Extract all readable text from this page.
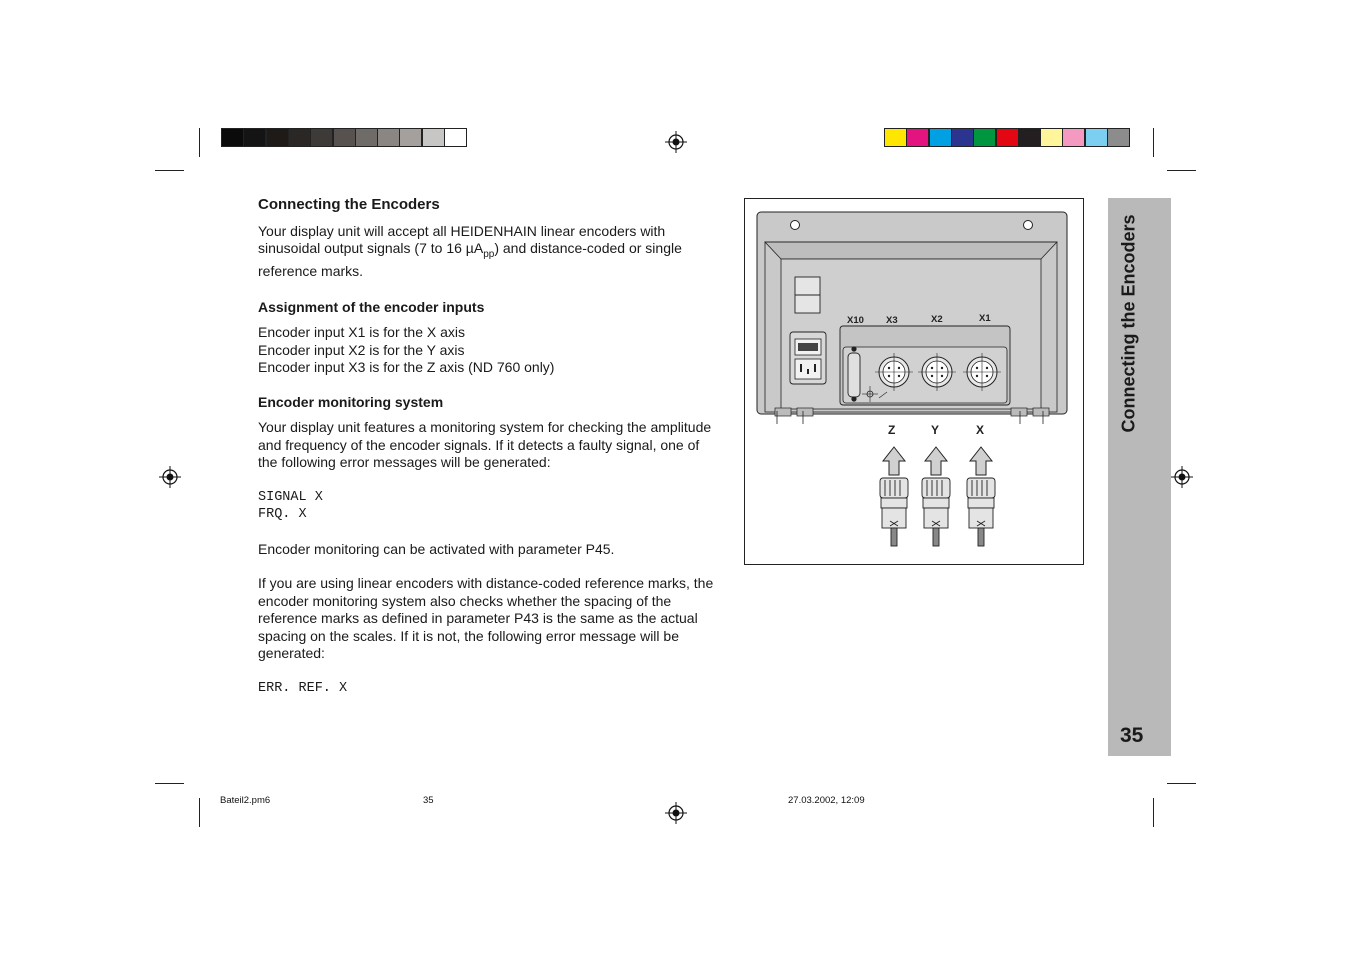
Connecting the Encoders

Your display unit will accept all HEIDENHAIN linear encoders with sinusoidal output signals (7 to 16 µA$_{pp}$) and distance-coded or single reference marks.

Assignment of the encoder inputs

Encoder input X1 is for the X axis

Encoder input X2 is for the Y axis

Encoder input X3 is for the Z axis (ND 760 only)

Encoder monitoring system

Your display unit features a monitoring system for checking the amplitude and frequency of the encoder signals. If it detects a faulty signal, one of the following error messages will be generated:

SIGNAL X

FRQ. X

Encoder monitoring can be activated with parameter P45.

If you are using linear encoders with distance-coded reference marks, the encoder monitoring system also checks whether the spacing of the reference marks as defined in parameter P43 is the same as the actual spacing on the scales. If it is not, the following error message will be generated:

ERR. REF. X

X10 X3	X2	X1
Z	Y	X	Connecting the Encoders
35
Bateil2.pm6	35	27.03.2002, 12:09
